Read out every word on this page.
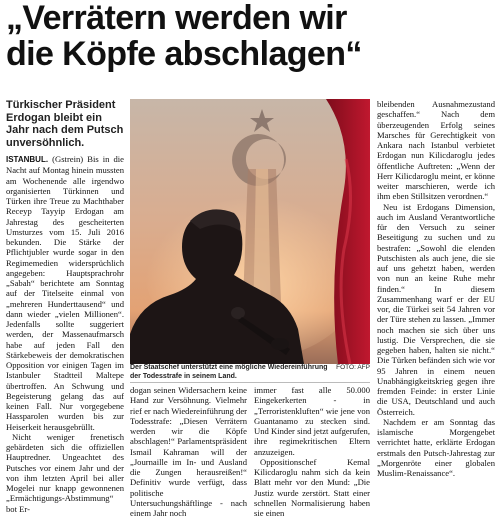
„Verrätern werden wir
die Köpfe abschlagen“
Türkischer Präsident Erdogan bleibt ein Jahr nach dem Putsch unversöhnlich.

ISTANBUL. (Gstrein) Bis in die Nacht auf Montag hinein mussten am Wochenende alle irgendwo organisierten Türkinnen und Türken ihre Treue zu Machthaber Receyp Tayyip Erdogan am Jahrestag des gescheiterten Umsturzes vom 15. Juli 2016 bekunden. Die Stärke der Pflichtjubler wurde sogar in den Regimemedien widersprüchlich angegeben: Hauptsprachrohr „Sabah“ berichtete am Sonntag auf der Titelseite einmal von „mehreren Hunderttausend“ und dann wieder „vielen Millionen“. Jedenfalls sollte suggeriert werden, der Massenaufmarsch habe auf jeden Fall den Stärkebeweis der demokratischen Opposition vor einigen Tagen im Istanbuler Stadtteil Maltepe übertroffen. An Schwung und Begeisterung gelang das auf keinen Fall. Nur vorgegebene Hassparolen wurden bis zur Heiserkeit herausgebrüllt.

Nicht weniger frenetisch gebärdeten sich die offiziellen Hauptredner. Ungeachtet des Putsches vor einem Jahr und der von ihm letzten April bei aller Mogelei nur knapp gewonnenen „Ermächtigungs-Abstimmung“ bot Er-

FOTO: AFP
Der Staatschef unterstützt eine mögliche Wiedereinführung der Todesstrafe in seinem Land.

dogan seinen Widersachern keine Hand zur Versöhnung. Vielmehr rief er nach Wiedereinführung der Todesstrafe: „Diesen Verrätern werden wir die Köpfe abschlagen!“ Parlamentspräsident Ismail Kahraman will der „Journaille im In- und Ausland die Zungen herausreißen!“ Definitiv wurde verfügt, dass politische Untersuchungshäftlinge - nach einem Jahr noch

immer fast alle 50.000 Eingekerkerten - in „Terroristenkluften“ wie jene von Guantanamo zu stecken sind. Und Kinder sind jetzt aufgerufen, ihre regimekritischen Eltern anzuzeigen.

Oppositionschef Kemal Kilicdaroglu nahm sich da kein Blatt mehr vor den Mund: „Die Justiz wurde zerstört. Statt einer schnellen Normalisierung haben sie einen

bleibenden Ausnahmezustand geschaffen.“ Nach dem überzeugenden Erfolg seines Marsches für Gerechtigkeit von Ankara nach Istanbul verbietet Erdogan nun Kilicdaroglu jedes öffentliche Auftreten: „Wenn der Herr Kilicdaroglu meint, er könne weiter marschieren, werde ich ihm eben Stillsitzen verordnen.“

Neu ist Erdogans Dimension, auch im Ausland Verantwortliche für den Versuch zu seiner Beseitigung zu suchen und zu bestrafen: „Sowohl die elenden Putschisten als auch jene, die sie auf uns gehetzt haben, werden von nun an keine Ruhe mehr finden.“ In diesem Zusammenhang warf er der EU vor, die Türkei seit 54 Jahren vor der Türe stehen zu lassen. „Immer noch machen sie sich über uns lustig. Die Versprechen, die sie gegeben haben, halten sie nicht.“ Die Türken befänden sich wie vor 95 Jahren in einem neuen Unabhängigkeitskrieg gegen ihre fremden Feinde: in erster Linie die USA, Deutschland und auch Österreich.

Nachdem er am Sonntag das islamische Morgengebet verrichtet hatte, erklärte Erdogan erstmals den Putsch-Jahrestag zur „Morgenröte einer globalen Muslim-Renaissance“.
